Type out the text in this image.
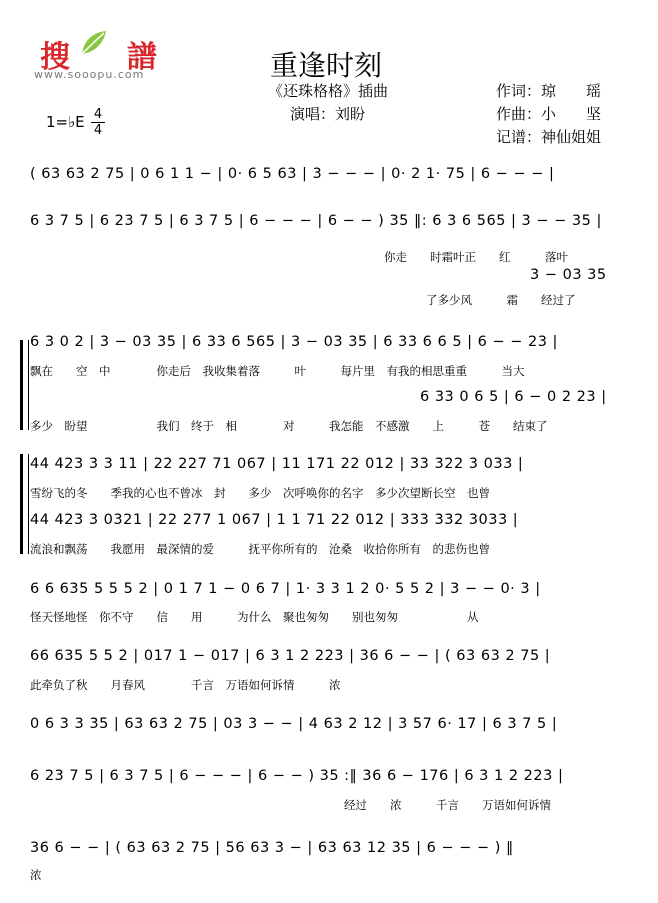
搜 譜
www.sooopu.com	重逢时刻
《还珠格格》插曲
演唱：刘盼
作词：琼　　瑶
作曲：小　　坚
记谱：神仙姐姐
1=♭E 4
4
( 63 63 2 75 | 0 6 1 1 − | 0· 6 5 63 | 3 − − − | 0· 2 1· 75 | 6 − − − |
6 3 7 5 | 6 23 7 5 | 6 3 7 5 | 6 − − − | 6 − − ) 35 ‖: 6 3 6 565 | 3 − − 35 |
你走　　时霜叶正　　红　　　落叶
3 − 03 35
了多少风　　　霜　　经过了
6 3 0 2 | 3 − 03 35 | 6 33 6 565 | 3 − 03 35 | 6 33 6 6 5 | 6 − − 23 |
飘在　　空　中　　　　你走后　我收集着落　　　叶　　　每片里　有我的相思重重　　　当大
6 33 0 6 5 | 6 − 0 2 23 |
多少　盼望　　　　　　我们　终于　相　　　　对　　　我怎能　不感激　　上　　　苍　　结束了
44 423 3 3 11 | 22 227 71 067 | 11 171 22 012 | 33 322 3 033 |
雪纷飞的冬　　季我的心也不曾冰　封　　多少　次呼唤你的名字　多少次望断长空　也曾
44 423 3 0321 | 22 277 1 067 | 1 1 71 22 012 | 333 332 3033 |
流浪和飘荡　　我愿用　最深情的爱　　　抚平你所有的　沧桑　收拾你所有　的悲伤也曾
6 6 635 5 5 5 2 | 0 1 7 1 − 0 6 7 | 1· 3 3 1 2 0· 5 5 2 | 3 − − 0· 3 |
怪天怪地怪　你不守　　信　　用　　　为什么　聚也匆匆　　别也匆匆　　　　　　从
66 635 5 5 2 | 017 1 − 017 | 6 3 1 2 223 | 36 6 − − | ( 63 63 2 75 |
此牵负了秋　　月春风　　　　千言　万语如何诉情　　　浓
0 6 3 3 35 | 63 63 2 75 | 03 3 − − | 4 63 2 12 | 3 57 6· 17 | 6 3 7 5 |
6 23 7 5 | 6 3 7 5 | 6 − − − | 6 − − ) 35 :‖ 36 6 − 176 | 6 3 1 2 223 |
经过　　浓　　　千言　　万语如何诉情
36 6 − − | ( 63 63 2 75 | 56 63 3 − | 63 63 12 35 | 6 − − − ) ‖
浓
